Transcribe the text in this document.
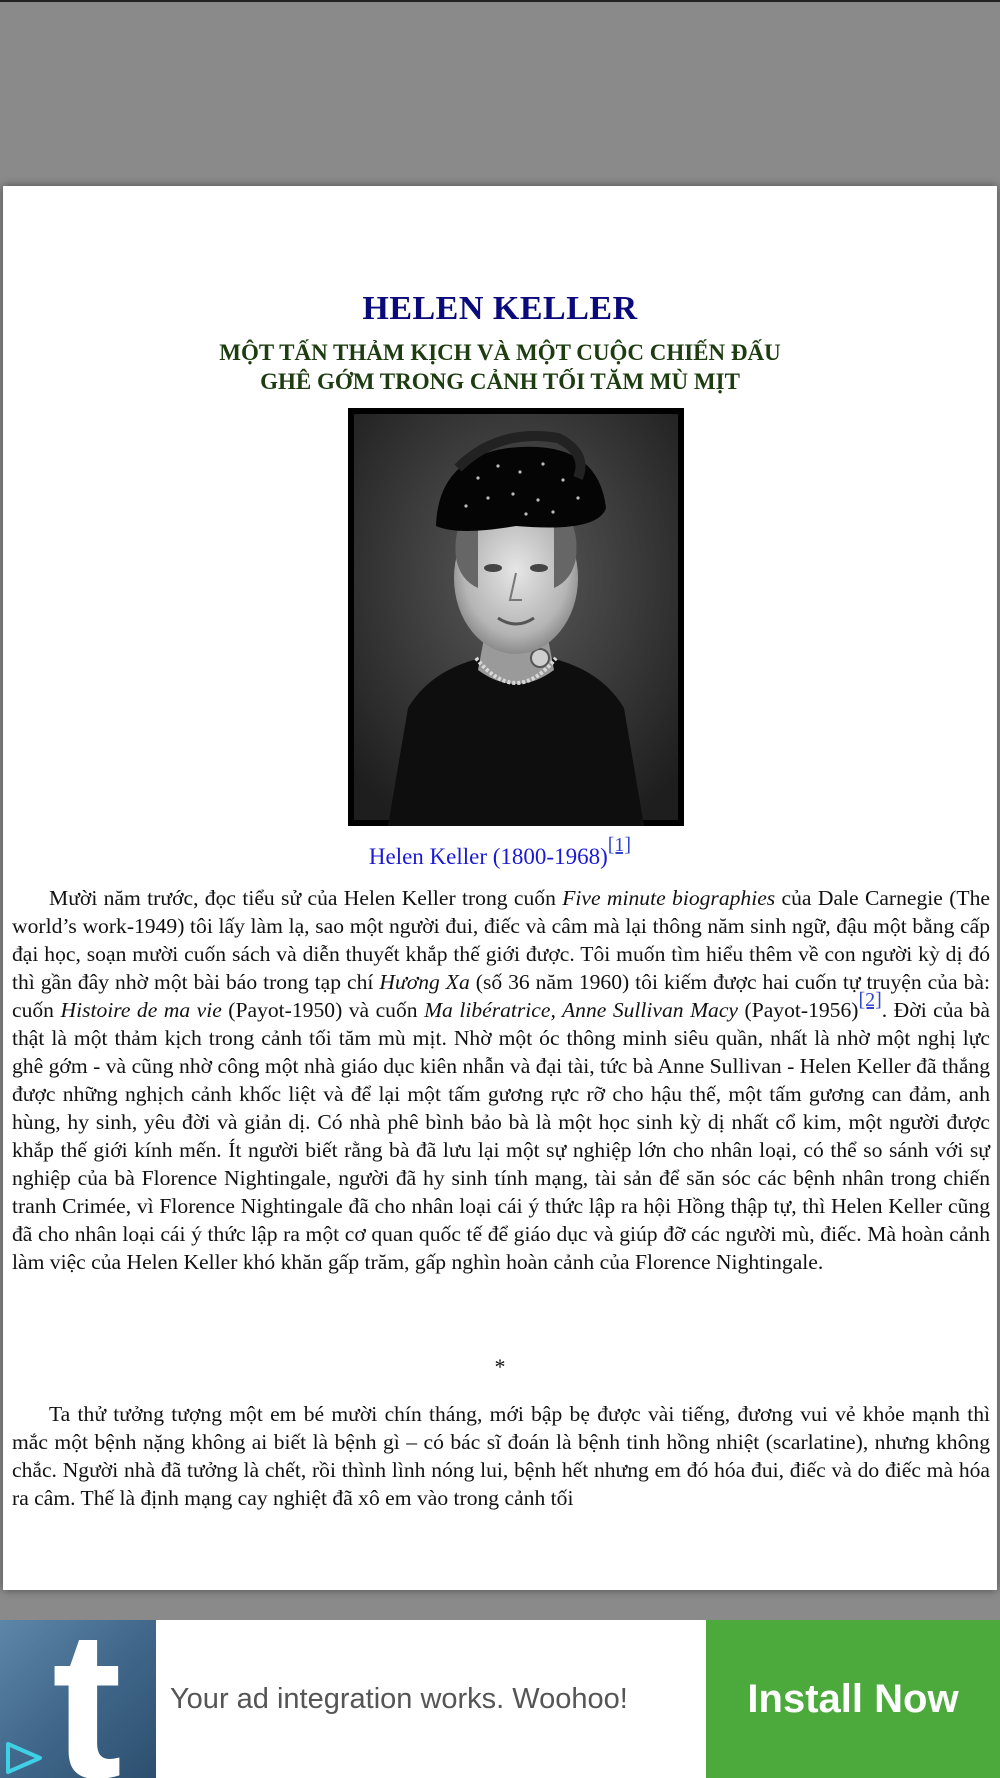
HELEN KELLER
MỘT TẤN THẢM KỊCH VÀ MỘT CUỘC CHIẾN ĐẤU
GHÊ GỚM TRONG CẢNH TỐI TĂM MÙ MỊT
Helen Keller (1800-1968)[1]
Mười năm trước, đọc tiểu sử của Helen Keller trong cuốn Five minute biographies của Dale Carnegie (The world’s work-1949) tôi lấy làm lạ, sao một người đui, điếc và câm mà lại thông năm sinh ngữ, đậu một bằng cấp đại học, soạn mười cuốn sách và diễn thuyết khắp thế giới được. Tôi muốn tìm hiểu thêm về con người kỳ dị đó thì gần đây nhờ một bài báo trong tạp chí Hương Xa (số 36 năm 1960) tôi kiếm được hai cuốn tự truyện của bà: cuốn Histoire de ma vie (Payot-1950) và cuốn Ma libératrice, Anne Sullivan Macy (Payot-1956)[2]. Đời của bà thật là một thảm kịch trong cảnh tối tăm mù mịt. Nhờ một óc thông minh siêu quần, nhất là nhờ một nghị lực ghê gớm - và cũng nhờ công một nhà giáo dục kiên nhẫn và đại tài, tức bà Anne Sullivan - Helen Keller đã thắng được những nghịch cảnh khốc liệt và để lại một tấm gương rực rỡ cho hậu thế, một tấm gương can đảm, anh hùng, hy sinh, yêu đời và giản dị. Có nhà phê bình bảo bà là một học sinh kỳ dị nhất cổ kim, một người được khắp thế giới kính mến. Ít người biết rằng bà đã lưu lại một sự nghiệp lớn cho nhân loại, có thể so sánh với sự nghiệp của bà Florence Nightingale, người đã hy sinh tính mạng, tài sản để săn sóc các bệnh nhân trong chiến tranh Crimée, vì Florence Nightingale đã cho nhân loại cái ý thức lập ra hội Hồng thập tự, thì Helen Keller cũng đã cho nhân loại cái ý thức lập ra một cơ quan quốc tế để giáo dục và giúp đỡ các người mù, điếc. Mà hoàn cảnh làm việc của Helen Keller khó khăn gấp trăm, gấp nghìn hoàn cảnh của Florence Nightingale.
*
Ta thử tưởng tượng một em bé mười chín tháng, mới bập bẹ được vài tiếng, đương vui vẻ khỏe mạnh thì mắc một bệnh nặng không ai biết là bệnh gì – có bác sĩ đoán là bệnh tinh hồng nhiệt (scarlatine), nhưng không chắc. Người nhà đã tưởng là chết, rồi thình lình nóng lui, bệnh hết nhưng em đó hóa đui, điếc và do điếc mà hóa ra câm. Thế là định mạng cay nghiệt đã xô em vào trong cảnh tối
t Your ad integration works. Woohoo!	Install Now
